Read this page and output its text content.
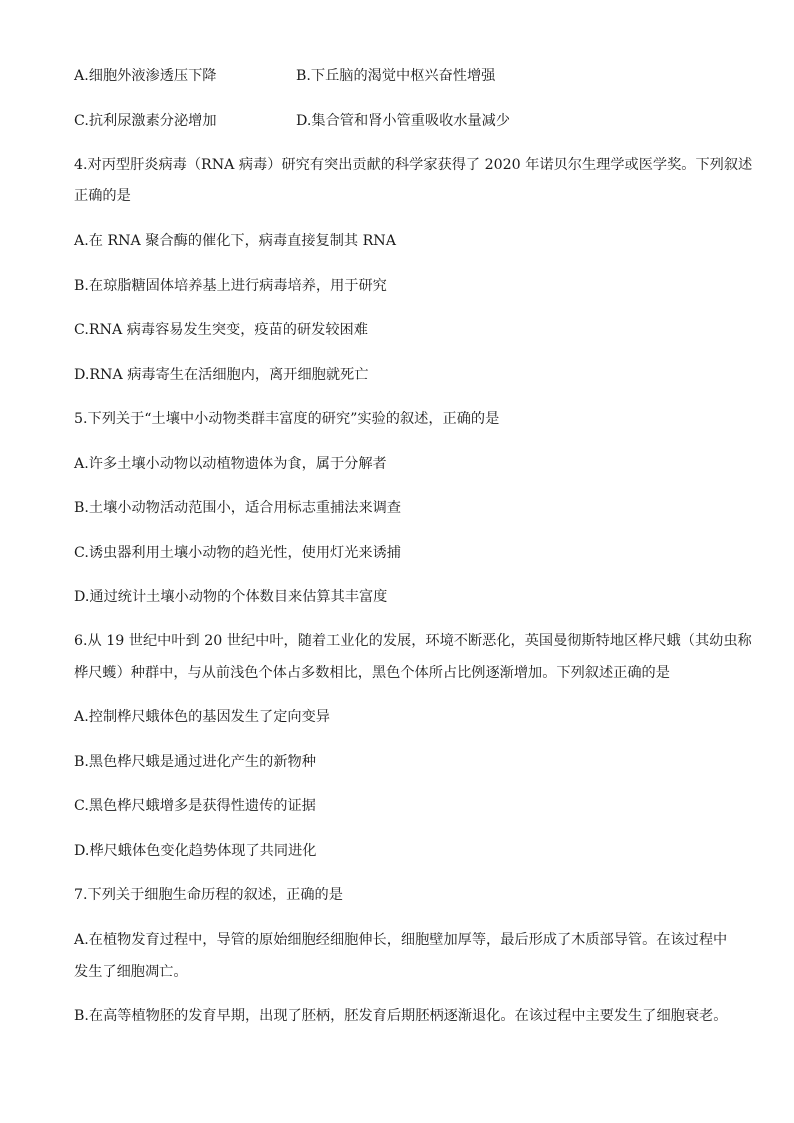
A.细胞外液渗透压下降	B.下丘脑的渴觉中枢兴奋性增强
C.抗利尿激素分泌增加	D.集合管和肾小管重吸收水量减少
4.对丙型肝炎病毒（RNA 病毒）研究有突出贡献的科学家获得了 2020 年诺贝尔生理学或医学奖。下列叙述
正确的是
A.在 RNA 聚合酶的催化下，病毒直接复制其 RNA
B.在琼脂糖固体培养基上进行病毒培养，用于研究
C.RNA 病毒容易发生突变，疫苗的研发较困难
D.RNA 病毒寄生在活细胞内，离开细胞就死亡
5.下列关于“土壤中小动物类群丰富度的研究”实验的叙述，正确的是
A.许多土壤小动物以动植物遗体为食，属于分解者
B.土壤小动物活动范围小，适合用标志重捕法来调查
C.诱虫器利用土壤小动物的趋光性，使用灯光来诱捕
D.通过统计土壤小动物的个体数目来估算其丰富度
6.从 19 世纪中叶到 20 世纪中叶，随着工业化的发展，环境不断恶化，英国曼彻斯特地区桦尺蛾（其幼虫称
桦尺蠖）种群中，与从前浅色个体占多数相比，黑色个体所占比例逐渐增加。下列叙述正确的是
A.控制桦尺蛾体色的基因发生了定向变异
B.黑色桦尺蛾是通过进化产生的新物种
C.黑色桦尺蛾增多是获得性遗传的证据
D.桦尺蛾体色变化趋势体现了共同进化
7.下列关于细胞生命历程的叙述，正确的是
A.在植物发育过程中，导管的原始细胞经细胞伸长，细胞壁加厚等，最后形成了木质部导管。在该过程中
发生了细胞凋亡。
B.在高等植物胚的发育早期，出现了胚柄，胚发育后期胚柄逐渐退化。在该过程中主要发生了细胞衰老。
